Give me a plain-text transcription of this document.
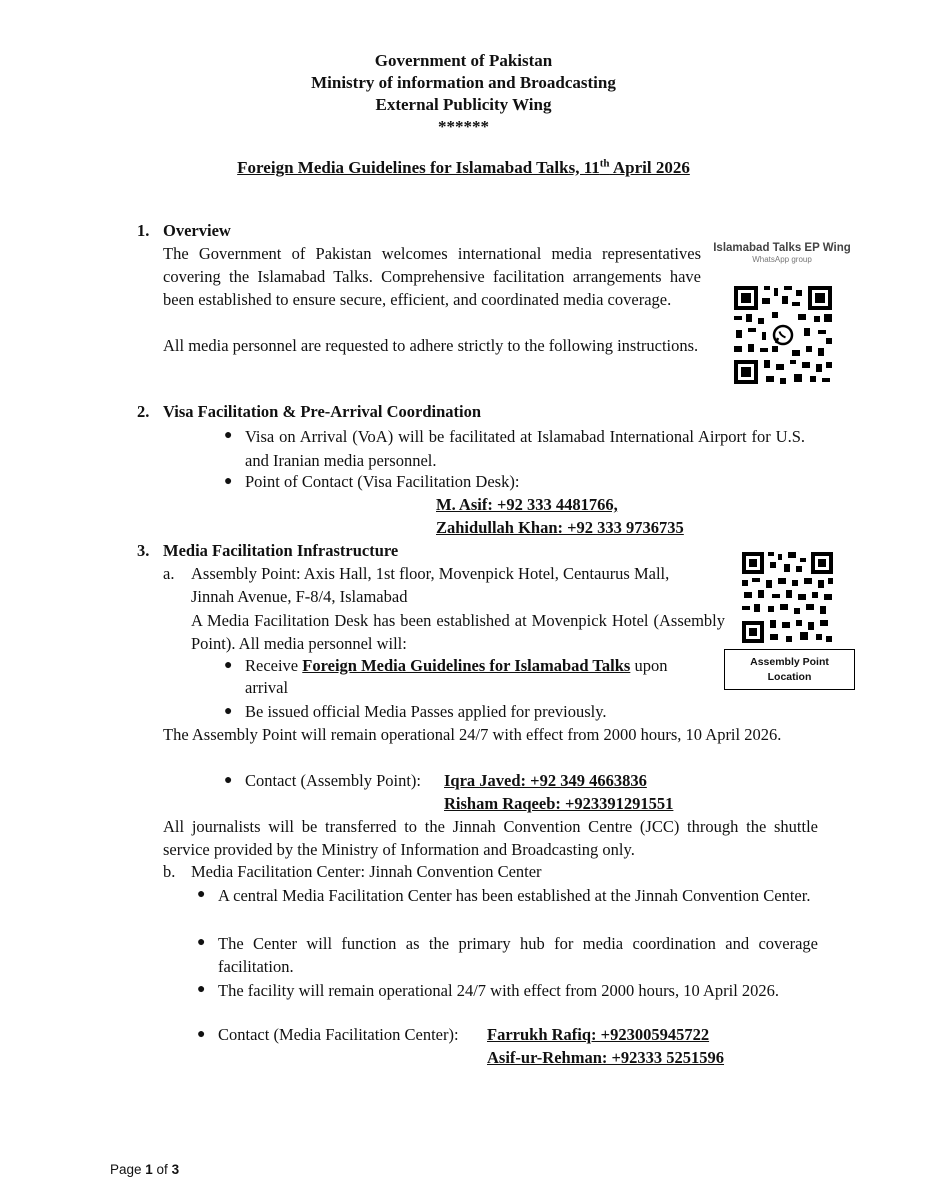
Government of Pakistan
Ministry of information and Broadcasting
External Publicity Wing
******
Foreign Media Guidelines for Islamabad Talks, 11th April 2026
Islamabad Talks EP Wing
WhatsApp group
1. Overview
The Government of Pakistan welcomes international media representatives covering the Islamabad Talks. Comprehensive facilitation arrangements have been established to ensure secure, efficient, and coordinated media coverage.
All media personnel are requested to adhere strictly to the following instructions.
2. Visa Facilitation & Pre-Arrival Coordination
● Visa on Arrival (VoA) will be facilitated at Islamabad International Airport for U.S. and Iranian media personnel.
● Point of Contact (Visa Facilitation Desk):
M. Asif: +92 333 4481766,
Zahidullah Khan: +92 333 9736735
3. Media Facilitation Infrastructure
a. Assembly Point: Axis Hall, 1st floor, Movenpick Hotel, Centaurus Mall,
Jinnah Avenue, F-8/4, Islamabad
A Media Facilitation Desk has been established at Movenpick Hotel (Assembly Point). All media personnel will:
Assembly Point
Location
● Receive Foreign Media Guidelines for Islamabad Talks upon
arrival
● Be issued official Media Passes applied for previously.
The Assembly Point will remain operational 24/7 with effect from 2000 hours, 10 April 2026.
● Contact (Assembly Point): Iqra Javed: +92 349 4663836
Risham Raqeeb: +923391291551
All journalists will be transferred to the Jinnah Convention Centre (JCC) through the shuttle service provided by the Ministry of Information and Broadcasting only.
b. Media Facilitation Center: Jinnah Convention Center
● A central Media Facilitation Center has been established at the Jinnah Convention Center.
● The Center will function as the primary hub for media coordination and coverage facilitation.
● The facility will remain operational 24/7 with effect from 2000 hours, 10 April 2026.
● Contact (Media Facilitation Center): Farrukh Rafiq: +923005945722
Asif-ur-Rehman: +92333 5251596
Page 1 of 3
